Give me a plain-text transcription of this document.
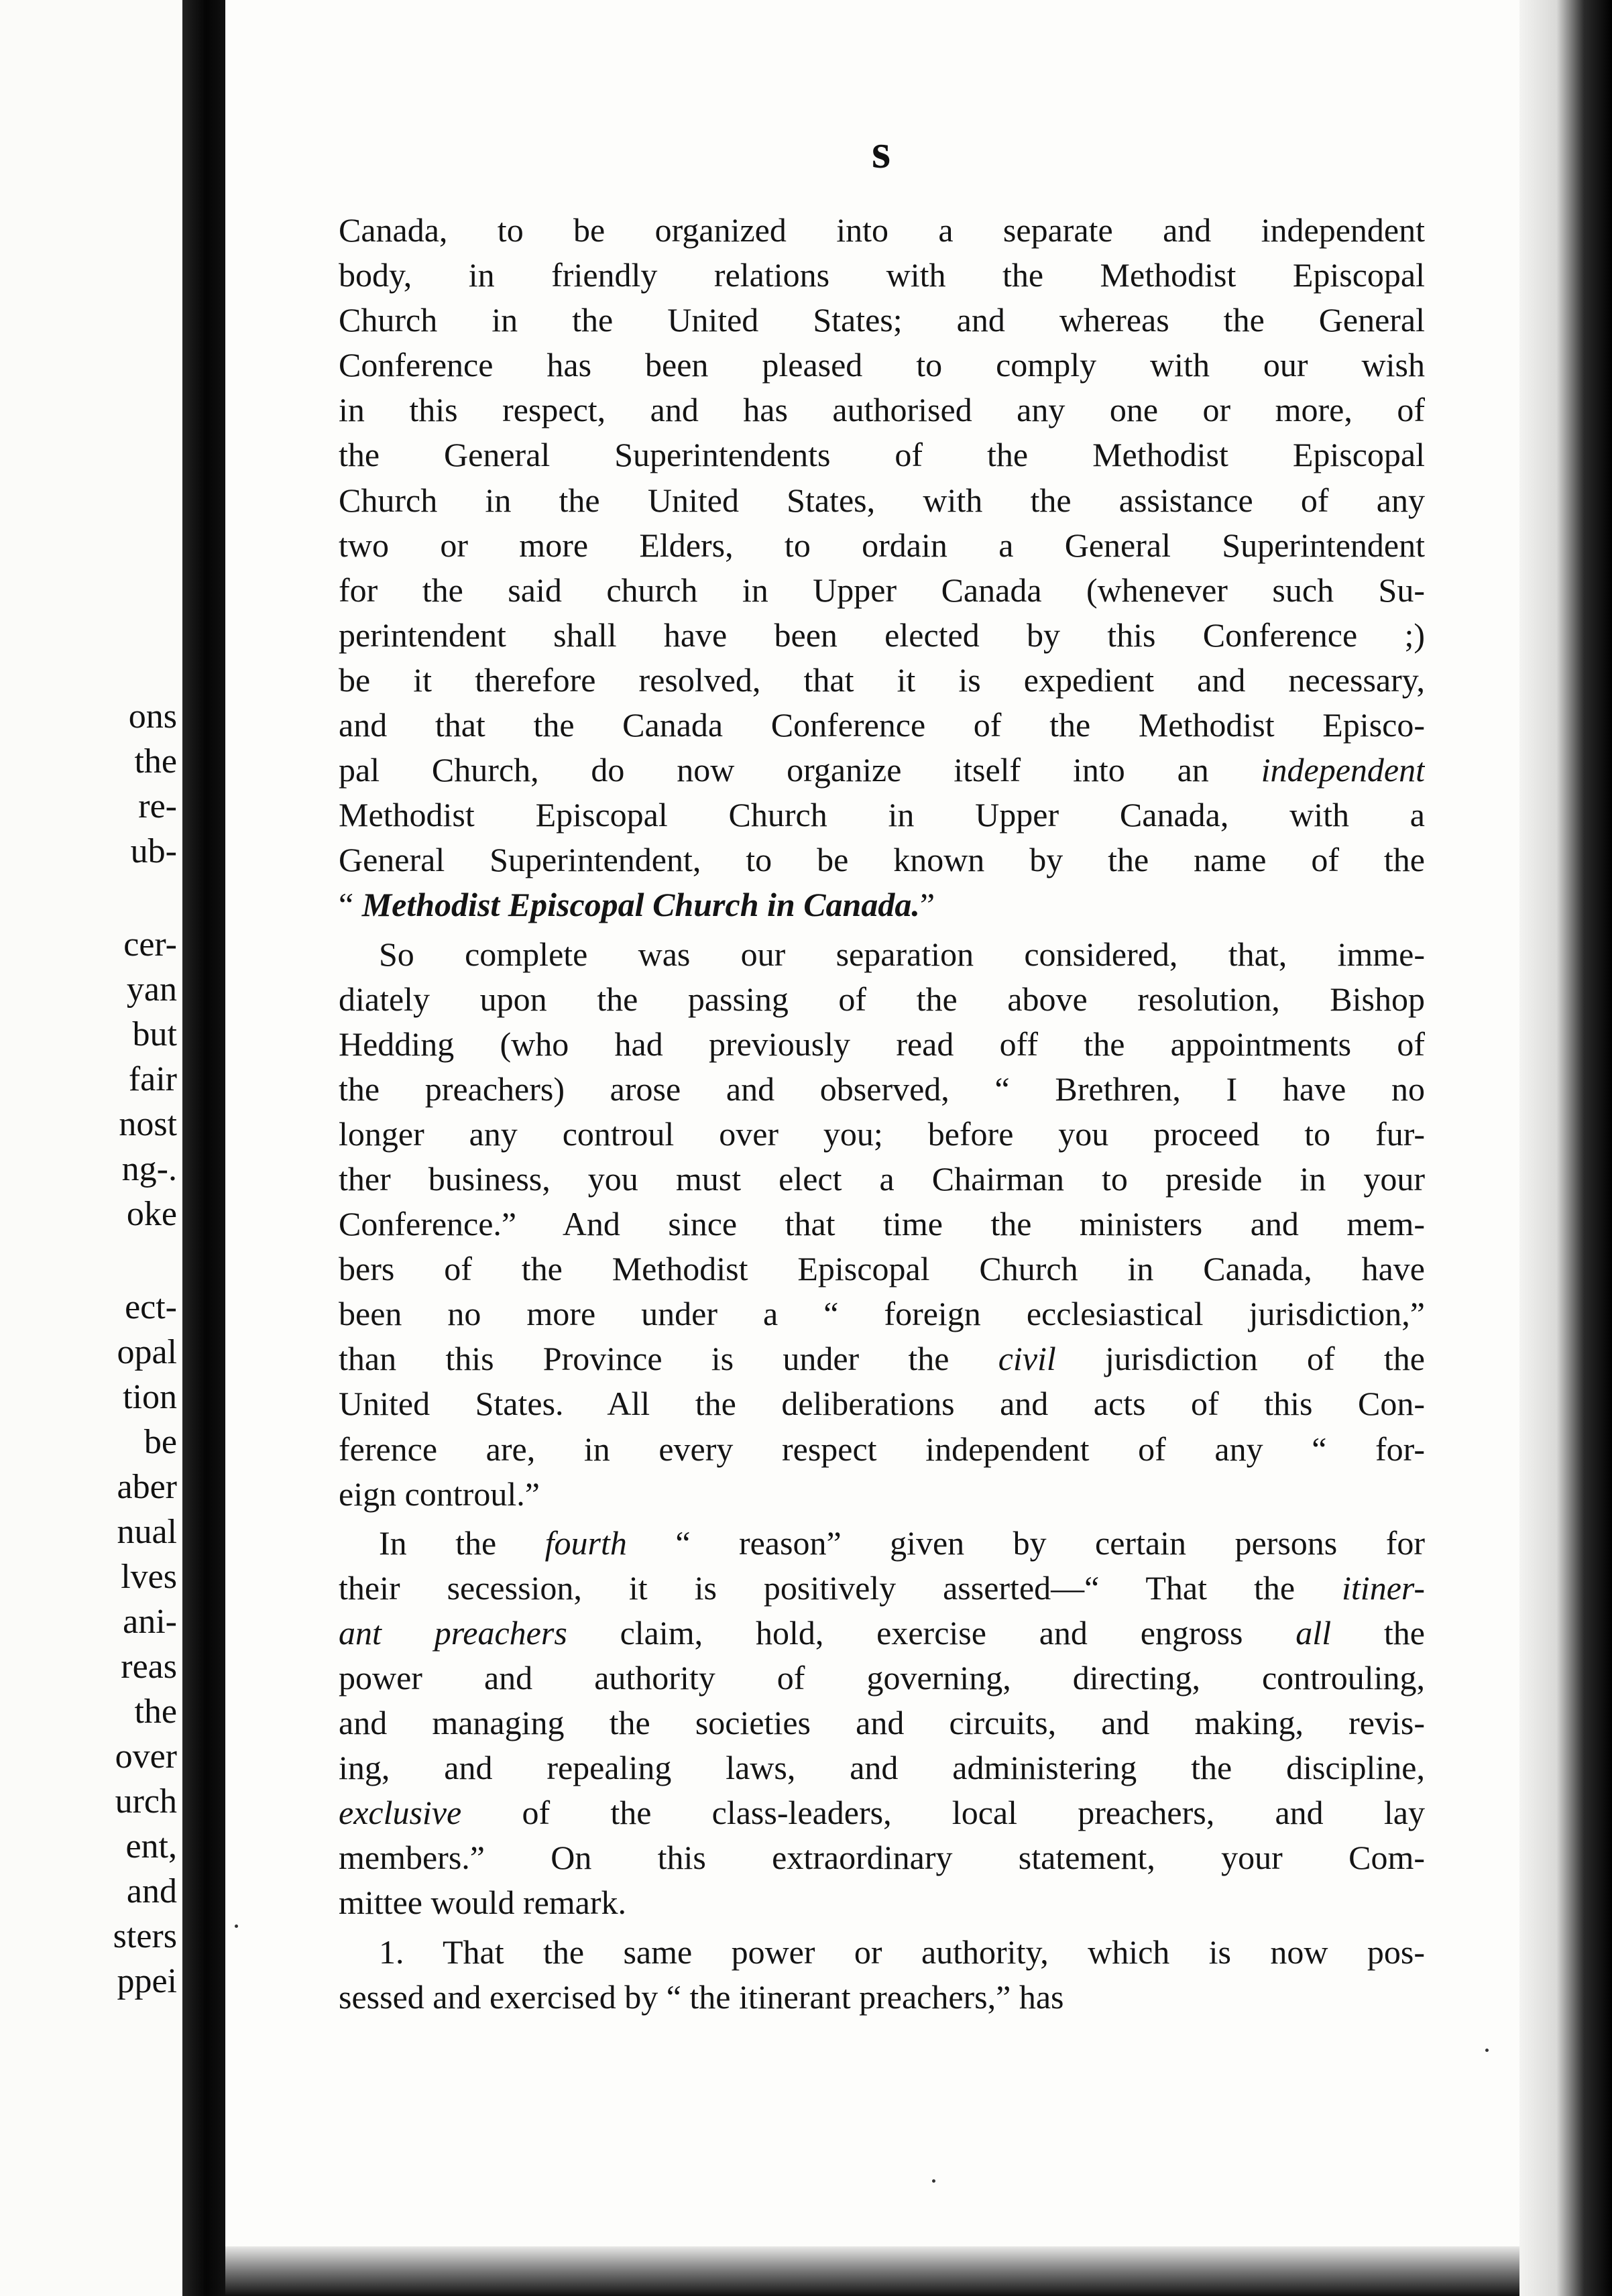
ons
the
re-
ub-
cer-
yan
but
fair
nost
ng-.
oke
ect-
opal
tion
be
aber
nual
lves
ani-
reas
the
over
urch
ent,
and
sters
ppei
s
Canada, to be organized into a separate and independent
body, in friendly relations with the Methodist Episcopal
Church in the United States; and whereas the General
Conference has been pleased to comply with our wish
in this respect, and has authorised any one or more, of
the General Superintendents of the Methodist Episcopal
Church in the United States, with the assistance of any
two or more Elders, to ordain a General Superintendent
for the said church in Upper Canada (whenever such Su-
perintendent shall have been elected by this Conference ;)
be it therefore resolved, that it is expedient and necessary,
and that the Canada Conference of the Methodist Episco-
pal Church, do now organize itself into an independent
Methodist Episcopal Church in Upper Canada, with a
General Superintendent, to be known by the name of the
“ Methodist Episcopal Church in Canada.”
So complete was our separation considered, that, imme-
diately upon the passing of the above resolution, Bishop
Hedding (who had previously read off the appointments of
the preachers) arose and observed, “ Brethren, I have no
longer any controul over you; before you proceed to fur-
ther business, you must elect a Chairman to preside in your
Conference.” And since that time the ministers and mem-
bers of the Methodist Episcopal Church in Canada, have
been no more under a “ foreign ecclesiastical jurisdiction,”
than this Province is under the civil jurisdiction of the
United States. All the deliberations and acts of this Con-
ference are, in every respect independent of any “ for-
eign controul.”
In the fourth “ reason” given by certain persons for
their secession, it is positively asserted—“ That the itiner-
ant preachers claim, hold, exercise and engross all the
power and authority of governing, directing, controuling,
and managing the societies and circuits, and making, revis-
ing, and repealing laws, and administering the discipline,
exclusive of the class-leaders, local preachers, and lay
members.” On this extraordinary statement, your Com-
mittee would remark.
1. That the same power or authority, which is now pos-
sessed and exercised by “ the itinerant preachers,” has
